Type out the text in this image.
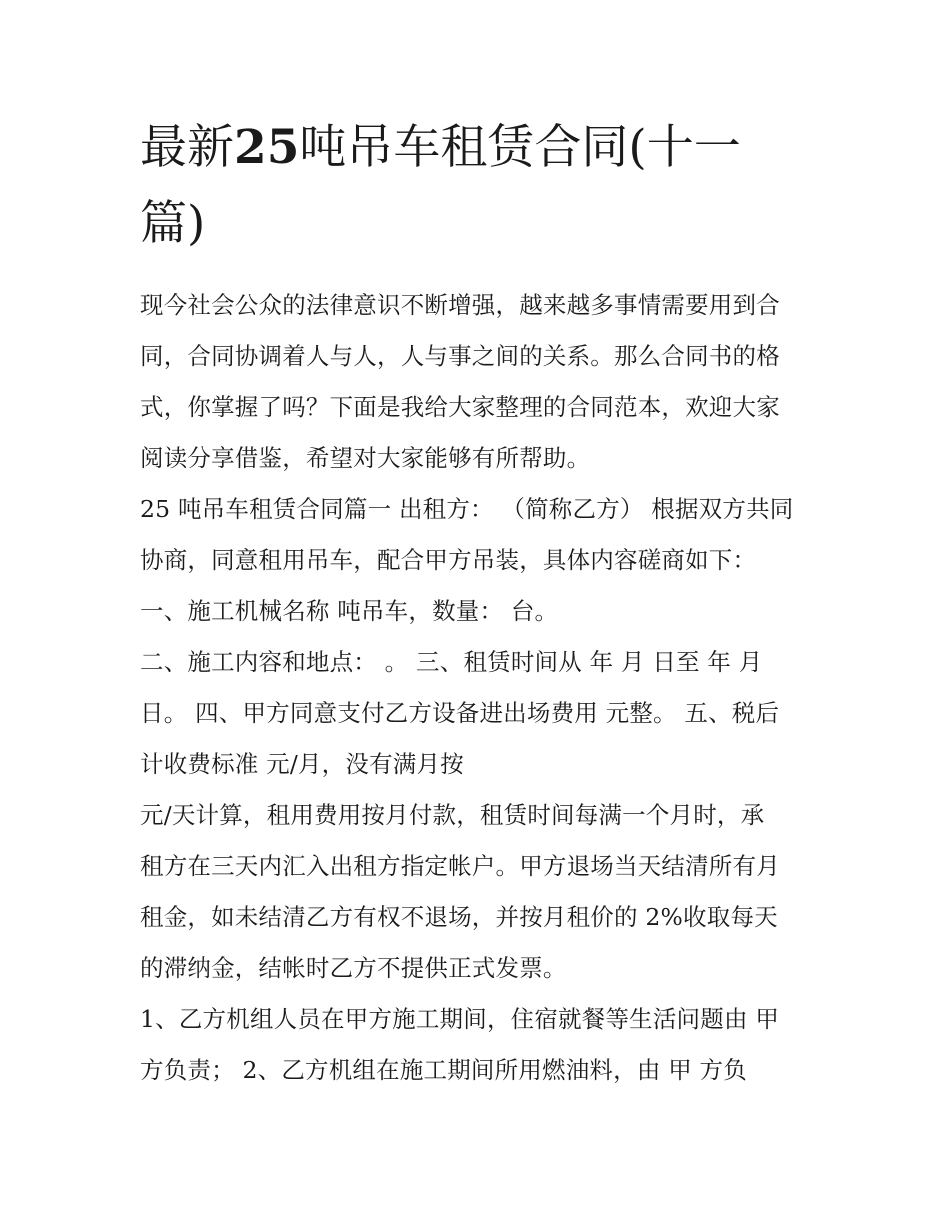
最新25吨吊车租赁合同(十一
篇)
现今社会公众的法律意识不断增强，越来越多事情需要用到合
同，合同协调着人与人，人与事之间的关系。那么合同书的格
式，你掌握了吗？下面是我给大家整理的合同范本，欢迎大家
阅读分享借鉴，希望对大家能够有所帮助。
25 吨吊车租赁合同篇一 出租方： （简称乙方） 根据双方共同
协商，同意租用吊车，配合甲方吊装，具体内容磋商如下：
一、施工机械名称 吨吊车，数量： 台。
二、施工内容和地点： 。 三、租赁时间从 年 月 日至 年 月
日。 四、甲方同意支付乙方设备进出场费用 元整。 五、税后
计收费标准 元/月，没有满月按
元/天计算，租用费用按月付款，租赁时间每满一个月时，承
租方在三天内汇入出租方指定帐户。甲方退场当天结清所有月
租金，如未结清乙方有权不退场，并按月租价的 2%收取每天
的滞纳金，结帐时乙方不提供正式发票。
1、乙方机组人员在甲方施工期间，住宿就餐等生活问题由 甲
方负责； 2、乙方机组在施工期间所用燃油料，由 甲 方负
